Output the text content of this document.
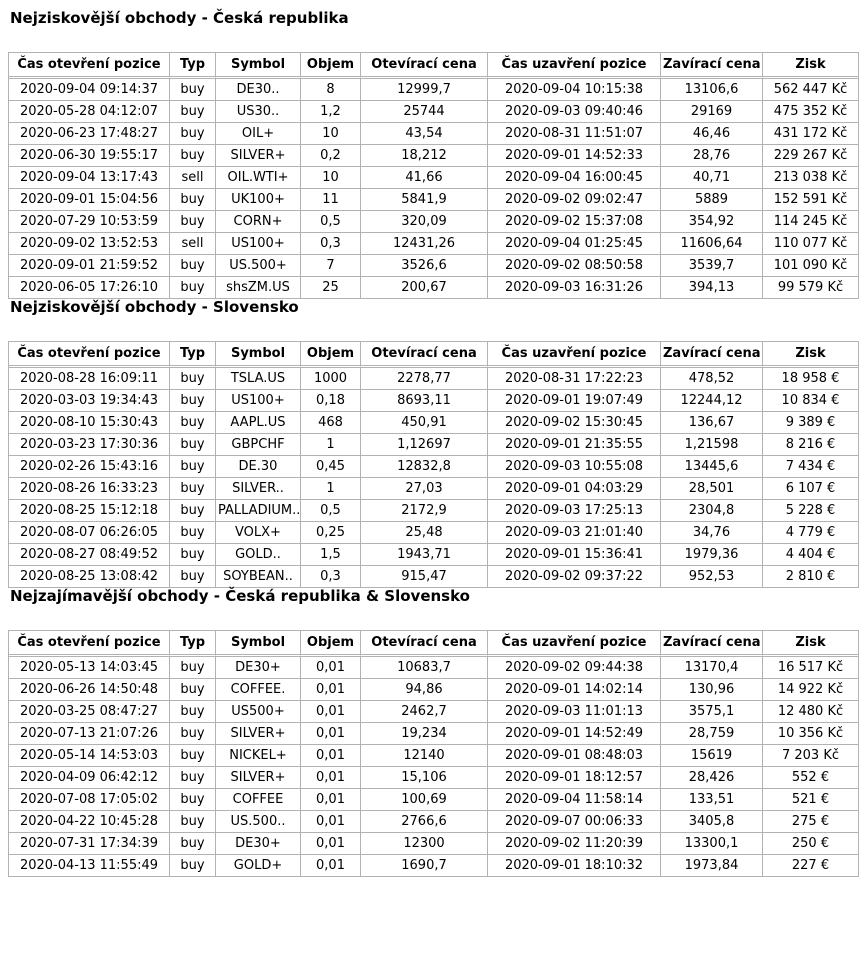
Nejziskovější obchody - Česká republika
Čas otevření pozice	Typ	Symbol	Objem	Otevírací cena	Čas uzavření pozice	Zavírací cena	Zisk
2020-09-04 09:14:37	buy	DE30..	8	12999,7	2020-09-04 10:15:38	13106,6	562 447 Kč
2020-05-28 04:12:07	buy	US30..	1,2	25744	2020-09-03 09:40:46	29169	475 352 Kč
2020-06-23 17:48:27	buy	OIL+	10	43,54	2020-08-31 11:51:07	46,46	431 172 Kč
2020-06-30 19:55:17	buy	SILVER+	0,2	18,212	2020-09-01 14:52:33	28,76	229 267 Kč
2020-09-04 13:17:43	sell	OIL.WTI+	10	41,66	2020-09-04 16:00:45	40,71	213 038 Kč
2020-09-01 15:04:56	buy	UK100+	11	5841,9	2020-09-02 09:02:47	5889	152 591 Kč
2020-07-29 10:53:59	buy	CORN+	0,5	320,09	2020-09-02 15:37:08	354,92	114 245 Kč
2020-09-02 13:52:53	sell	US100+	0,3	12431,26	2020-09-04 01:25:45	11606,64	110 077 Kč
2020-09-01 21:59:52	buy	US.500+	7	3526,6	2020-09-02 08:50:58	3539,7	101 090 Kč
2020-06-05 17:26:10	buy	shsZM.US	25	200,67	2020-09-03 16:31:26	394,13	99 579 Kč
Nejziskovější obchody - Slovensko
Čas otevření pozice	Typ	Symbol	Objem	Otevírací cena	Čas uzavření pozice	Zavírací cena	Zisk
2020-08-28 16:09:11	buy	TSLA.US	1000	2278,77	2020-08-31 17:22:23	478,52	18 958 €
2020-03-03 19:34:43	buy	US100+	0,18	8693,11	2020-09-01 19:07:49	12244,12	10 834 €
2020-08-10 15:30:43	buy	AAPL.US	468	450,91	2020-09-02 15:30:45	136,67	9 389 €
2020-03-23 17:30:36	buy	GBPCHF	1	1,12697	2020-09-01 21:35:55	1,21598	8 216 €
2020-02-26 15:43:16	buy	DE.30	0,45	12832,8	2020-09-03 10:55:08	13445,6	7 434 €
2020-08-26 16:33:23	buy	SILVER..	1	27,03	2020-09-01 04:03:29	28,501	6 107 €
2020-08-25 15:12:18	buy	PALLADIUM..	0,5	2172,9	2020-09-03 17:25:13	2304,8	5 228 €
2020-08-07 06:26:05	buy	VOLX+	0,25	25,48	2020-09-03 21:01:40	34,76	4 779 €
2020-08-27 08:49:52	buy	GOLD..	1,5	1943,71	2020-09-01 15:36:41	1979,36	4 404 €
2020-08-25 13:08:42	buy	SOYBEAN..	0,3	915,47	2020-09-02 09:37:22	952,53	2 810 €
Nejzajímavější obchody - Česká republika & Slovensko
Čas otevření pozice	Typ	Symbol	Objem	Otevírací cena	Čas uzavření pozice	Zavírací cena	Zisk
2020-05-13 14:03:45	buy	DE30+	0,01	10683,7	2020-09-02 09:44:38	13170,4	16 517 Kč
2020-06-26 14:50:48	buy	COFFEE.	0,01	94,86	2020-09-01 14:02:14	130,96	14 922 Kč
2020-03-25 08:47:27	buy	US500+	0,01	2462,7	2020-09-03 11:01:13	3575,1	12 480 Kč
2020-07-13 21:07:26	buy	SILVER+	0,01	19,234	2020-09-01 14:52:49	28,759	10 356 Kč
2020-05-14 14:53:03	buy	NICKEL+	0,01	12140	2020-09-01 08:48:03	15619	7 203 Kč
2020-04-09 06:42:12	buy	SILVER+	0,01	15,106	2020-09-01 18:12:57	28,426	552 €
2020-07-08 17:05:02	buy	COFFEE	0,01	100,69	2020-09-04 11:58:14	133,51	521 €
2020-04-22 10:45:28	buy	US.500..	0,01	2766,6	2020-09-07 00:06:33	3405,8	275 €
2020-07-31 17:34:39	buy	DE30+	0,01	12300	2020-09-02 11:20:39	13300,1	250 €
2020-04-13 11:55:49	buy	GOLD+	0,01	1690,7	2020-09-01 18:10:32	1973,84	227 €
